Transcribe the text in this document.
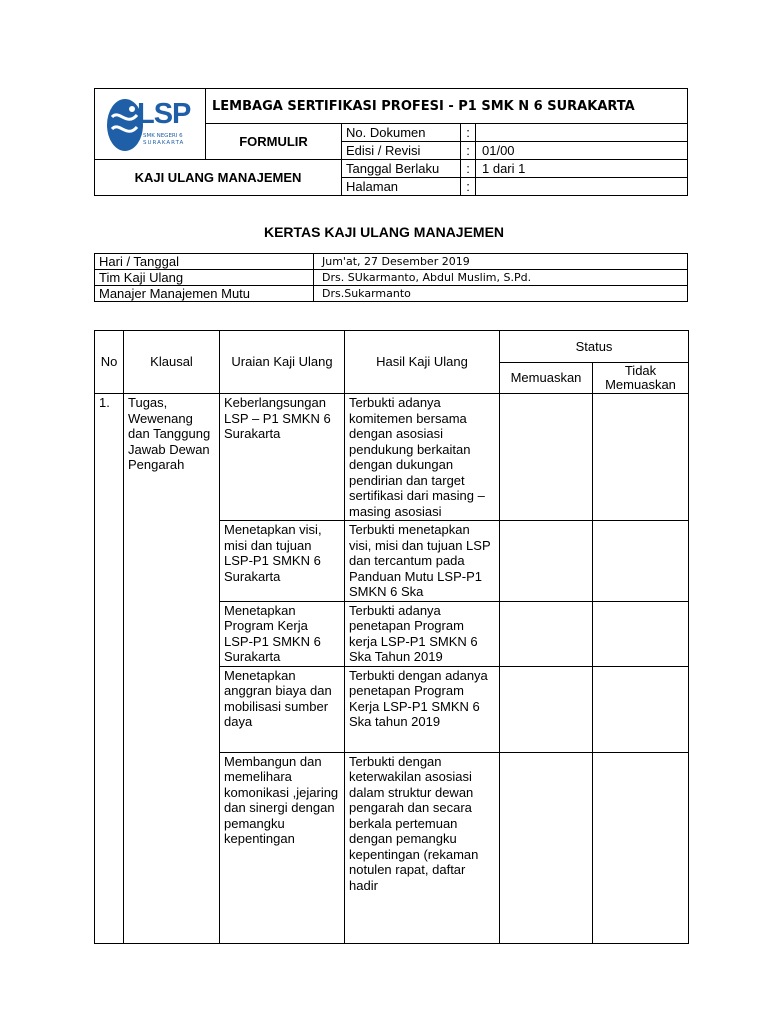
LSP
SMK NEGERI 6
SURAKARTA	LEMBAGA SERTIFIKASI PROFESI - P1 SMK N 6 SURAKARTA			
	FORMULIR	No. Dokumen	:	
		Edisi / Revisi	:	01/00
KAJI ULANG MANAJEMEN		Tanggal Berlaku	:	1 dari 1
		Halaman	:	
KERTAS KAJI ULANG MANAJEMEN
Hari / Tanggal	Jum'at, 27 Desember 2019
Tim Kaji Ulang	Drs. SUkarmanto, Abdul Muslim, S.Pd.
Manajer Manajemen Mutu	Drs.Sukarmanto
No	Klausal	Uraian Kaji Ulang	Hasil Kaji Ulang	Status	
				Memuaskan	Tidak Memuaskan
1.	Tugas, Wewenang dan Tanggung Jawab Dewan Pengarah	Keberlangsungan LSP – P1 SMKN 6 Surakarta	Terbukti adanya komitemen bersama dengan asosiasi pendukung berkaitan dengan dukungan pendirian dan target sertifikasi dari masing – masing asosiasi		
		Menetapkan visi, misi dan tujuan LSP-P1 SMKN 6 Surakarta	Terbukti menetapkan visi, misi dan tujuan LSP dan tercantum pada Panduan Mutu LSP-P1 SMKN 6 Ska		
		Menetapkan Program Kerja LSP-P1 SMKN 6 Surakarta	Terbukti adanya penetapan Program kerja LSP-P1 SMKN 6 Ska Tahun 2019		
		Menetapkan anggran biaya dan mobilisasi sumber daya	Terbukti dengan adanya penetapan Program Kerja LSP-P1 SMKN 6 Ska tahun 2019		
		Membangun dan memelihara komonikasi ,jejaring dan sinergi dengan pemangku kepentingan	Terbukti dengan keterwakilan asosiasi dalam struktur dewan pengarah dan secara berkala pertemuan dengan pemangku kepentingan (rekaman notulen rapat, daftar hadir		
